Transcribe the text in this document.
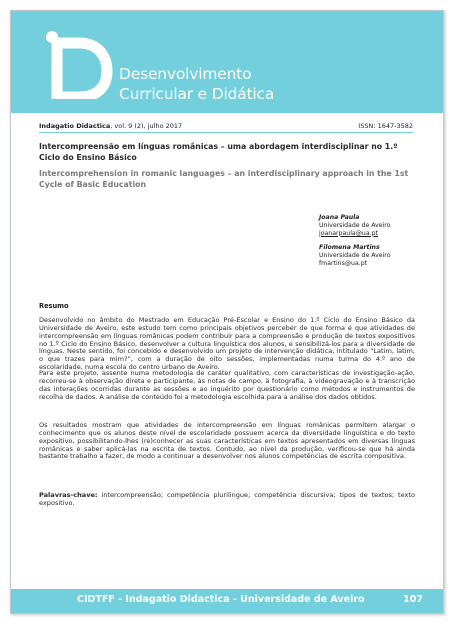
Desenvolvimento
Curricular e Didática
Indagatio Didactica, vol. 9 (2), julho 2017	ISSN: 1647-3582
Intercompreensão em línguas românicas – uma abordagem interdisciplinar no 1.º Ciclo do Ensino Básico
Intercomprehension in romanic languages – an interdisciplinary approach in the 1st Cycle of Basic Education
Joana Paula
Universidade de Aveiro
joanarpaula@ua.pt
Filomena Martins
Universidade de Aveiro
fmartins@ua.pt
Resumo
Desenvolvido no âmbito do Mestrado em Educação Pré-Escolar e Ensino do 1.º Ciclo do Ensino Básico da Universidade de Aveiro, este estudo tem como principais objetivos perceber de que forma é que atividades de intercompreensão em línguas românicas podem contribuir para a compreensão e produção de textos expositivos no 1.º Ciclo do Ensino Básico, desenvolver a cultura linguística dos alunos, e sensibilizá-los para a diversidade de línguas. Neste sentido, foi concebido e desenvolvido um projeto de intervenção didática, intitulado “Latim, latim, o que trazes para mim?”, com a duração de oito sessões, implementadas numa turma do 4.º ano de escolaridade, numa escola do centro urbano de Aveiro.
Para este projeto, assente numa metodologia de caráter qualitativo, com características de investigação-ação, recorreu-se à observação direta e participante, às notas de campo, à fotografia, à videogravação e à transcrição das interações ocorridas durante as sessões e ao inquérito por questionário como métodos e instrumentos de recolha de dados. A análise de conteúdo foi a metodologia escolhida para a análise dos dados obtidos.
Os resultados mostram que atividades de intercompreensão em línguas românicas permitem alargar o conhecimento que os alunos deste nível de escolaridade possuem acerca da diversidade linguística e do texto expositivo, possibilitando-lhes (re)conhecer as suas características em textos apresentados em diversas línguas românicas e saber aplicá-las na escrita de textos. Contudo, ao nível da produção, verificou-se que há ainda bastante trabalho a fazer, de modo a continuar a desenvolver nos alunos competências de escrita compositiva.
Palavras-chave: intercompreensão; competência plurilingue; competência discursiva; tipos de textos; texto expositivo.
CIDTFF - Indagatio Didactica - Universidade de Aveiro	107
